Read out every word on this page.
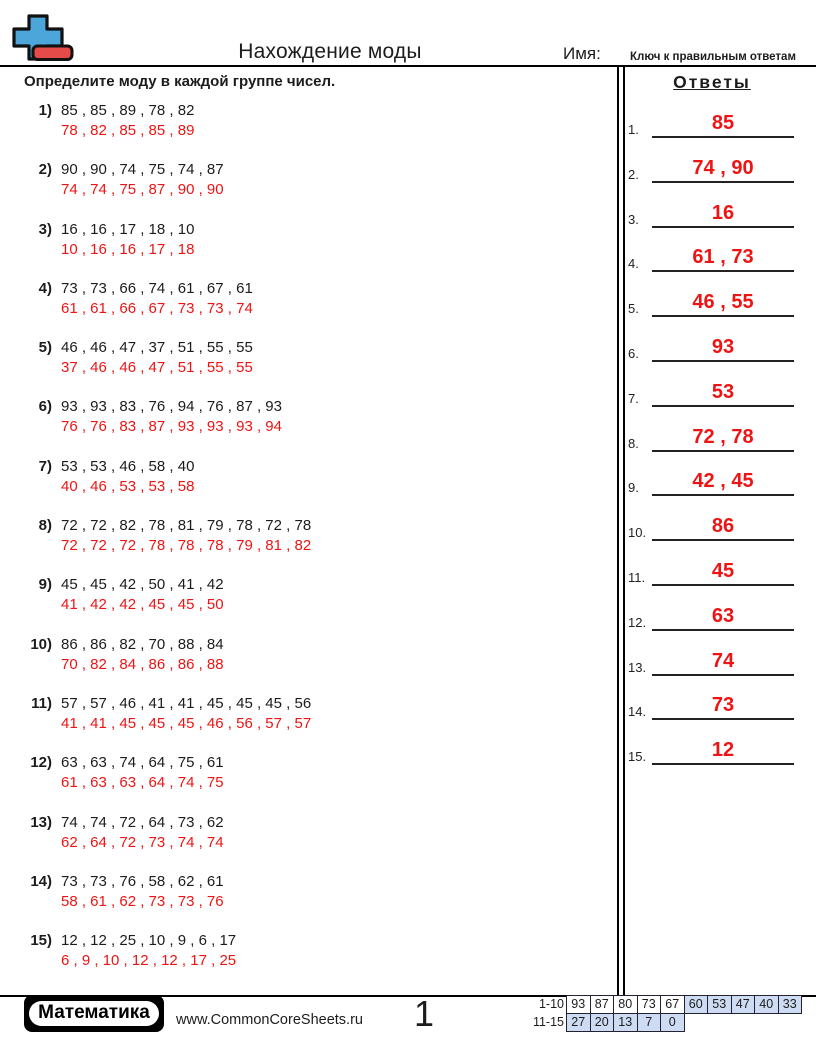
Нахождение моды	Имя:	Ключ к правильным ответам
Определите моду в каждой группе чисел.
1) 85 , 85 , 89 , 78 , 82
78 , 82 , 85 , 85 , 89
2) 90 , 90 , 74 , 75 , 74 , 87
74 , 74 , 75 , 87 , 90 , 90
3) 16 , 16 , 17 , 18 , 10
10 , 16 , 16 , 17 , 18
4) 73 , 73 , 66 , 74 , 61 , 67 , 61
61 , 61 , 66 , 67 , 73 , 73 , 74
5) 46 , 46 , 47 , 37 , 51 , 55 , 55
37 , 46 , 46 , 47 , 51 , 55 , 55
6) 93 , 93 , 83 , 76 , 94 , 76 , 87 , 93
76 , 76 , 83 , 87 , 93 , 93 , 93 , 94
7) 53 , 53 , 46 , 58 , 40
40 , 46 , 53 , 53 , 58
8) 72 , 72 , 82 , 78 , 81 , 79 , 78 , 72 , 78
72 , 72 , 72 , 78 , 78 , 78 , 79 , 81 , 82
9) 45 , 45 , 42 , 50 , 41 , 42
41 , 42 , 42 , 45 , 45 , 50
10) 86 , 86 , 82 , 70 , 88 , 84
70 , 82 , 84 , 86 , 86 , 88
11) 57 , 57 , 46 , 41 , 41 , 45 , 45 , 45 , 56
41 , 41 , 45 , 45 , 45 , 46 , 56 , 57 , 57
12) 63 , 63 , 74 , 64 , 75 , 61
61 , 63 , 63 , 64 , 74 , 75
13) 74 , 74 , 72 , 64 , 73 , 62
62 , 64 , 72 , 73 , 74 , 74
14) 73 , 73 , 76 , 58 , 62 , 61
58 , 61 , 62 , 73 , 73 , 76
15) 12 , 12 , 25 , 10 , 9 , 6 , 17
6 , 9 , 10 , 12 , 12 , 17 , 25
Ответы
1.	85
2.	74 , 90
3.	16
4.	61 , 73
5.	46 , 55
6.	93
7.	53
8.	72 , 78
9.	42 , 45
10.	86
11.	45
12.	63
13.	74
14.	73
15.	12
Математика	www.CommonCoreSheets.ru	1	1-10 93 87 80 73 67 60 53 47 40 33
11-15 27 20 13	7	0
